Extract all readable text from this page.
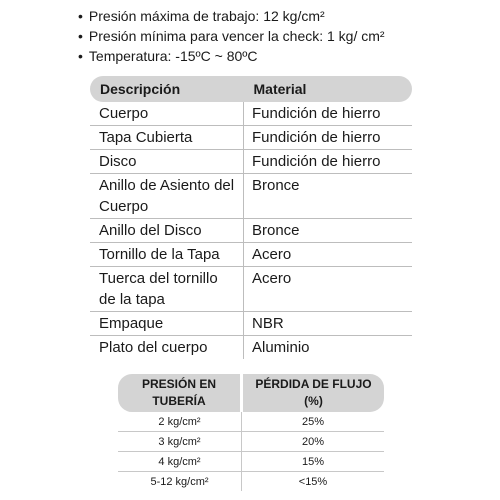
• Presión máxima de trabajo: 12 kg/cm²
• Presión mínima para vencer la check: 1 kg/ cm²
• Temperatura: -15ºC ~ 80ºC
Descripción	Material
Cuerpo	Fundición de hierro
Tapa Cubierta	Fundición de hierro
Disco	Fundición de hierro
Anillo de Asiento del Cuerpo	Bronce
Anillo del Disco	Bronce
Tornillo de la Tapa	Acero
Tuerca del tornillo de la tapa	Acero
Empaque	NBR
Plato del cuerpo	Aluminio
PRESIÓN EN TUBERÍA	PÉRDIDA DE FLUJO (%)
2 kg/cm²	25%
3 kg/cm²	20%
4 kg/cm²	15%
5-12 kg/cm²	<15%
